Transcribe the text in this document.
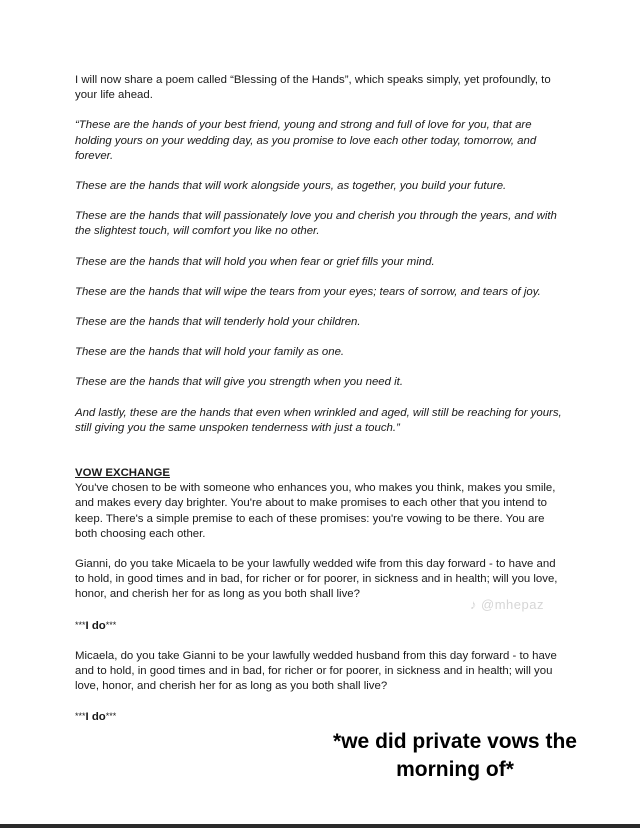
I will now share a poem called “Blessing of the Hands”, which speaks simply, yet profoundly, to your life ahead.

“These are the hands of your best friend, young and strong and full of love for you, that are holding yours on your wedding day, as you promise to love each other today, tomorrow, and forever.

These are the hands that will work alongside yours, as together, you build your future.

These are the hands that will passionately love you and cherish you through the years, and with the slightest touch, will comfort you like no other.

These are the hands that will hold you when fear or grief fills your mind.

These are the hands that will wipe the tears from your eyes; tears of sorrow, and tears of joy.

These are the hands that will tenderly hold your children.

These are the hands that will hold your family as one.

These are the hands that will give you strength when you need it.

And lastly, these are the hands that even when wrinkled and aged, will still be reaching for yours, still giving you the same unspoken tenderness with just a touch.”

VOW EXCHANGE

You've chosen to be with someone who enhances you, who makes you think, makes you smile, and makes every day brighter. You're about to make promises to each other that you intend to keep. There's a simple premise to each of these promises: you're vowing to be there. You are both choosing each other.

Gianni, do you take Micaela to be your lawfully wedded wife from this day forward - to have and to hold, in good times and in bad, for richer or for poorer, in sickness and in health; will you love, honor, and cherish her for as long as you both shall live?

***I do***

Micaela, do you take Gianni to be your lawfully wedded husband from this day forward - to have and to hold, in good times and in bad, for richer or for poorer, in sickness and in health; will you love, honor, and cherish her for as long as you both shall live?

***I do***

♪ @mhepaz
*we did private vows the morning of*
